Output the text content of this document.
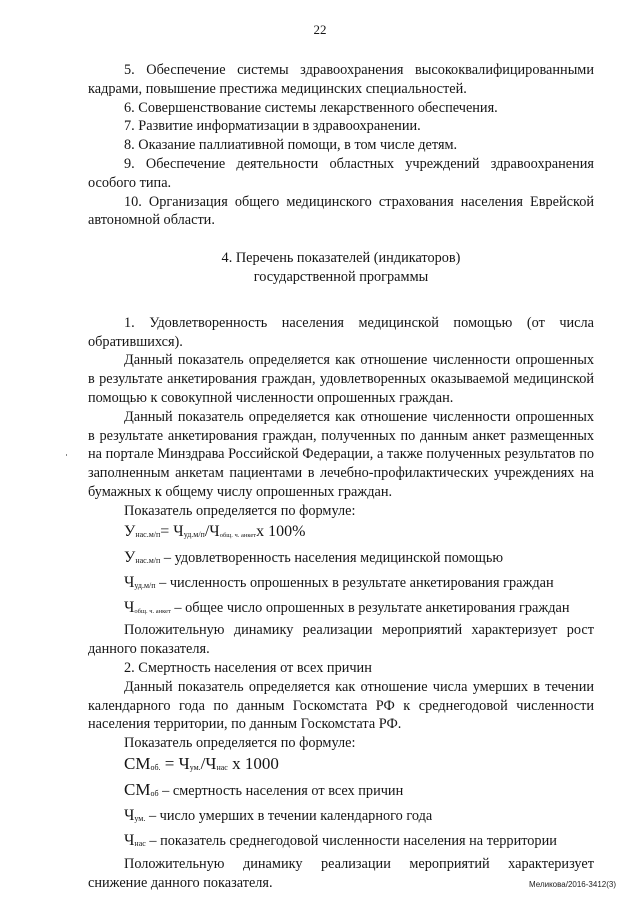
22

5. Обеспечение системы здравоохранения высококвалифицированными кадрами, повышение престижа медицинских специальностей.

6. Совершенствование системы лекарственного обеспечения.

7. Развитие информатизации в здравоохранении.

8. Оказание паллиативной помощи, в том числе детям.

9. Обеспечение деятельности областных учреждений здравоохранения особого типа.

10. Организация общего медицинского страхования населения Еврейской автономной области.

4. Перечень показателей (индикаторов)

государственной программы

1. Удовлетворенность населения медицинской помощью (от числа обратившихся).

Данный показатель определяется как отношение численности опрошенных в результате анкетирования граждан, удовлетворенных оказываемой медицинской помощью к совокупной численности опрошенных граждан.

Данный показатель определяется как отношение численности опрошенных в результате анкетирования граждан, полученных по данным анкет размещенных на портале Минздрава Российской Федерации, а также полученных результатов по заполненным анкетам пациентами в лечебно-профилактических учреждениях на бумажных к общему числу опрошенных граждан.

Показатель определяется по формуле:

Унас.м/п= Чуд.м/п/Чобщ. ч. анкетх 100%

Унас.м/п – удовлетворенность населения медицинской помощью

Чуд.м/п – численность опрошенных в результате анкетирования граждан

Чобщ. ч. анкет – общее число опрошенных в результате анкетирования граждан

Положительную динамику реализации мероприятий характеризует рост данного показателя.

2. Смертность населения от всех причин

Данный показатель определяется как отношение числа умерших в течении календарного года по данным Госкомстата РФ к среднегодовой численности населения территории, по данным Госкомстата РФ.

Показатель определяется по формуле:

СМоб. = Чум./Чнас х 1000

СМоб – смертность населения от всех причин

Чум. – число умерших в течении календарного года

Чнас – показатель среднегодовой численности населения на территории

Положительную динамику реализации мероприятий характеризует снижение данного показателя.	Меликова/2016-3412(3)
